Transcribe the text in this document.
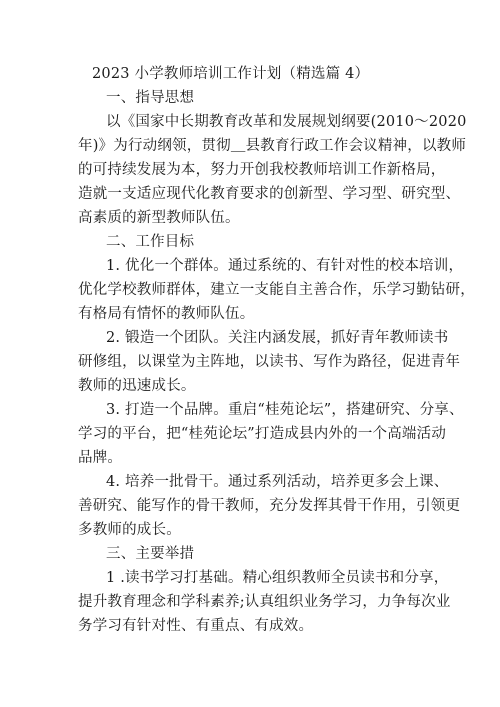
2023 小学教师培训工作计划（精选篇 4）
一、指导思想
以《国家中长期教育改革和发展规划纲要(2010～2020
年)》为行动纲领，贯彻＿县教育行政工作会议精神，以教师
的可持续发展为本，努力开创我校教师培训工作新格局，
造就一支适应现代化教育要求的创新型、学习型、研究型、
高素质的新型教师队伍。
二、工作目标
1. 优化一个群体。通过系统的、有针对性的校本培训，
优化学校教师群体，建立一支能自主善合作，乐学习勤钻研，
有格局有情怀的教师队伍。
2. 锻造一个团队。关注内涵发展，抓好青年教师读书
研修组，以课堂为主阵地，以读书、写作为路径，促进青年
教师的迅速成长。
3. 打造一个品牌。重启“桂苑论坛”，搭建研究、分享、
学习的平台，把“桂苑论坛”打造成县内外的一个高端活动
品牌。
4. 培养一批骨干。通过系列活动，培养更多会上课、
善研究、能写作的骨干教师，充分发挥其骨干作用，引领更
多教师的成长。
三、主要举措
1 .读书学习打基础。精心组织教师全员读书和分享，
提升教育理念和学科素养;认真组织业务学习，力争每次业
务学习有针对性、有重点、有成效。
